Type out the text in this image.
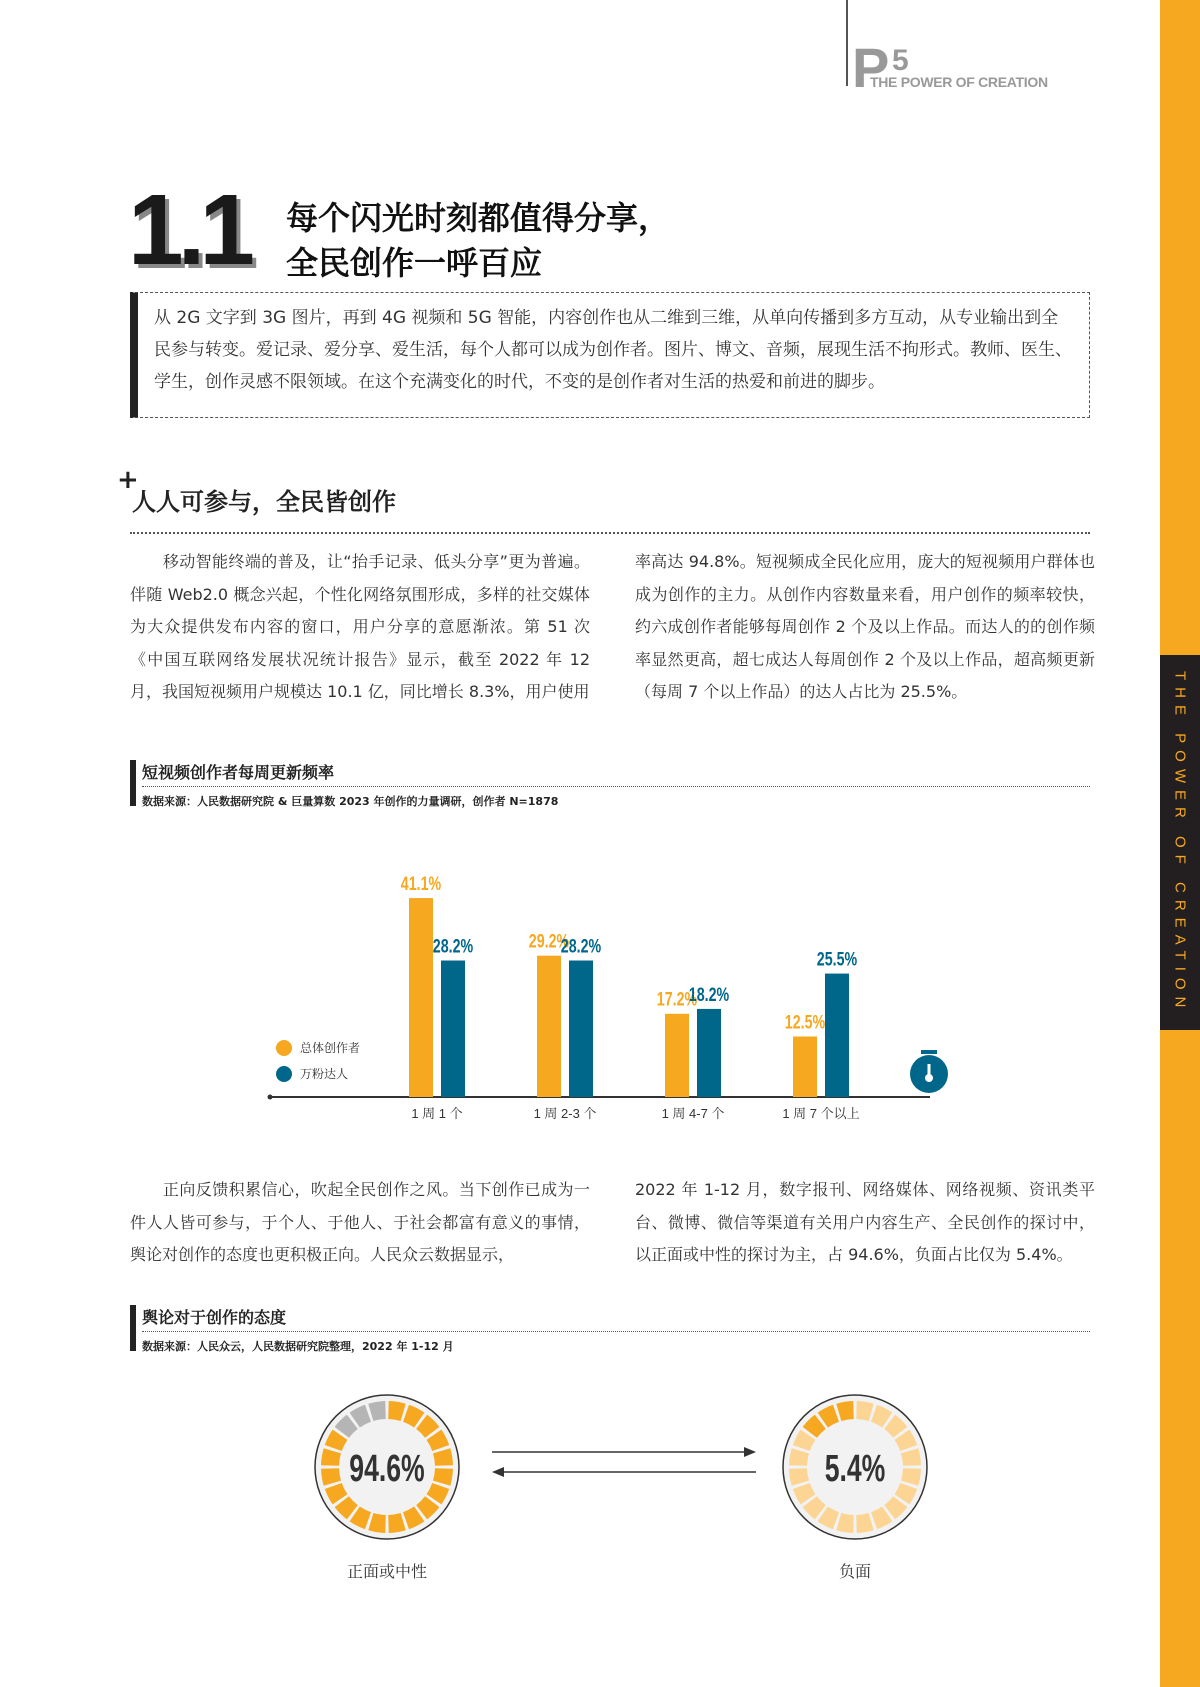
THE POWER OF CREATION
P 5
THE POWER OF CREATION
1.1 每个闪光时刻都值得分享，
全民创作一呼百应
从 2G 文字到 3G 图片，再到 4G 视频和 5G 智能，内容创作也从二维到三维，从单向传播到多方互动，从专业输出到全民参与转变。爱记录、爱分享、爱生活，每个人都可以成为创作者。图片、博文、音频，展现生活不拘形式。教师、医生、学生，创作灵感不限领域。在这个充满变化的时代，不变的是创作者对生活的热爱和前进的脚步。
+
人人可参与，全民皆创作
　　移动智能终端的普及，让“抬手记录、低头分享”更为普遍。伴随 Web2.0 概念兴起，个性化网络氛围形成，多样的社交媒体为大众提供发布内容的窗口，用户分享的意愿渐浓。第 51 次《中国互联网络发展状况统计报告》显示，截至 2022 年 12 月，我国短视频用户规模达 10.1 亿，同比增长 8.3%，用户使用
率高达 94.8%。短视频成全民化应用，庞大的短视频用户群体也成为创作的主力。从创作内容数量来看，用户创作的频率较快，约六成创作者能够每周创作 2 个及以上作品。而达人的的创作频率显然更高，超七成达人每周创作 2 个及以上作品，超高频更新（每周 7 个以上作品）的达人占比为 25.5%。
短视频创作者每周更新频率
数据来源：人民数据研究院 & 巨量算数 2023 年创作的力量调研，创作者 N=1878
41.1%
28.2%
1 周 1 个
29.2%
28.2%
1 周 2-3 个
17.2%
18.2%
1 周 4-7 个
12.5%
25.5%
1 周 7 个以上
总体创作者
万粉达人
　　正向反馈积累信心，吹起全民创作之风。当下创作已成为一件人人皆可参与，于个人、于他人、于社会都富有意义的事情，舆论对创作的态度也更积极正向。人民众云数据显示，
2022 年 1-12 月，数字报刊、网络媒体、网络视频、资讯类平台、微博、微信等渠道有关用户内容生产、全民创作的探讨中，以正面或中性的探讨为主，占 94.6%，负面占比仅为 5.4%。
舆论对于创作的态度
数据来源：人民众云，人民数据研究院整理，2022 年 1-12 月
94.6%
正面或中性
5.4%
负面
